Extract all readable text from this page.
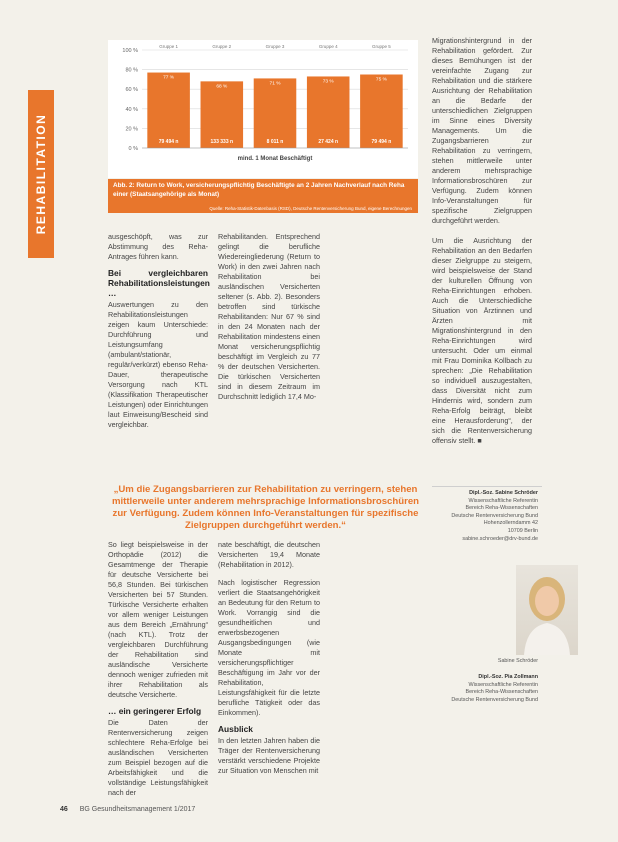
REHABILITATION
100 %
80 %
60 %
40 %
20 %
0 %
77 %
79 494 n
Gruppe 1
68 %
133 333 n
Gruppe 2
71 %
8 011 n
Gruppe 3
73 %
27 424 n
Gruppe 4
75 %
79 494 n
Gruppe 5
mind. 1 Monat Beschäftigt
Abb. 2: Return to Work, versicherungspflichtig Beschäftigte an 2 Jahren Nachverlauf nach Reha einer (Staatsangehörige als Monat)
Quelle: Reha-Statistik-Datenbasis (RSD), Deutsche Rentenversicherung Bund, eigene Berechnungen

ausgeschöpft, was zur Abstimmung des Reha-Antrages führen kann.

Bei vergleichbaren Rehabilitationsleistungen …

Auswertungen zu den Rehabilitationsleistungen zeigen kaum Unterschiede: Durchführung und Leistungsumfang (ambulant/stationär, regulär/verkürzt) ebenso Reha-Dauer, therapeutische Versorgung nach KTL (Klassifikation Therapeutischer Leistungen) oder Einrichtungen laut Einweisung/Bescheid sind vergleichbar.

Rehabilitanden. Entsprechend gelingt die berufliche Wiedereingliederung (Return to Work) in den zwei Jahren nach Rehabilitation bei ausländischen Versicherten seltener (s. Abb. 2). Besonders betroffen sind türkische Rehabilitanden: Nur 67 % sind in den 24 Monaten nach der Rehabilitation mindestens einen Monat versicherungspflichtig beschäftigt im Vergleich zu 77 % der deutschen Versicherten. Die türkischen Versicherten sind in diesem Zeitraum im Durchschnitt lediglich 17,4 Mo-

Migrationshintergrund in der Rehabilitation gefördert. Zur dieses Bemühungen ist der vereinfachte Zugang zur Rehabilitation und die stärkere Ausrichtung der Rehabilitation an die Bedarfe der unterschiedlichen Zielgruppen im Sinne eines Diversity Managements. Um die Zugangsbarrieren zur Rehabilitation zu verringern, stehen mittlerweile unter anderem mehrsprachige Informationsbroschüren zur Verfügung. Zudem können Info-Veranstaltungen für spezifische Zielgruppen durchgeführt werden.

Um die Ausrichtung der Rehabilitation an den Bedarfen dieser Zielgruppe zu steigern, wird beispielsweise der Stand der kulturellen Öffnung von Reha-Einrichtungen erhoben. Auch die Unterschiedliche Situation von Ärztinnen und Ärzten mit Migrationshintergrund in den Reha-Einrichtungen wird untersucht. Oder um einmal mit Frau Dominika Kollbach zu sprechen: „Die Rehabilitation so individuell auszugestalten, dass Diversität nicht zum Hindernis wird, sondern zum Reha-Erfolg beiträgt, bleibt eine Herausforderung“, der sich die Rentenversicherung offensiv stellt. ■

„Um die Zugangsbarrieren zur Rehabilitation zu verringern, stehen mittlerweile unter anderem mehrsprachige Informationsbroschüren zur Verfügung. Zudem können Info-Veranstaltungen für spezifische Zielgruppen durchgeführt werden.“

So liegt beispielsweise in der Orthopädie (2012) die Gesamtmenge der Therapie für deutsche Versicherte bei 56,8 Stunden. Bei türkischen Versicherten bei 57 Stunden. Türkische Versicherte erhalten vor allem weniger Leistungen aus dem Bereich „Ernährung“ (nach KTL). Trotz der vergleichbaren Durchführung der Rehabilitation sind ausländische Versicherte dennoch weniger zufrieden mit ihrer Rehabilitation als deutsche Versicherte.

… ein geringerer Erfolg

Die Daten der Rentenversicherung zeigen schlechtere Reha-Erfolge bei ausländischen Versicherten zum Beispiel bezogen auf die Arbeitsfähigkeit und die vollständige Leistungsfähigkeit nach der

nate beschäftigt, die deutschen Versicherten 19,4 Monate (Rehabilitation in 2012).

Nach logistischer Regression verliert die Staatsangehörigkeit an Bedeutung für den Return to Work. Vorrangig sind die gesundheitlichen und erwerbsbezogenen Ausgangsbedingungen (wie Monate mit versicherungspflichtiger Beschäftigung im Jahr vor der Rehabilitation, Leistungsfähigkeit für die letzte berufliche Tätigkeit oder das Einkommen).

Ausblick

In den letzten Jahren haben die Träger der Rentenversicherung verstärkt verschiedene Projekte zur Situation von Menschen mit

Dipl.-Soz. Sabine Schröder
Wissenschaftliche Referentin
Bereich Reha-Wissenschaften
Deutsche Rentenversicherung Bund
Hohenzollerndamm 42
10709 Berlin
sabine.schroeder@drv-bund.de
Sabine Schröder
Dipl.-Soz. Pia Zollmann
Wissenschaftliche Referentin
Bereich Reha-Wissenschaften
Deutsche Rentenversicherung Bund
46 BG Gesundheitsmanagement 1/2017
